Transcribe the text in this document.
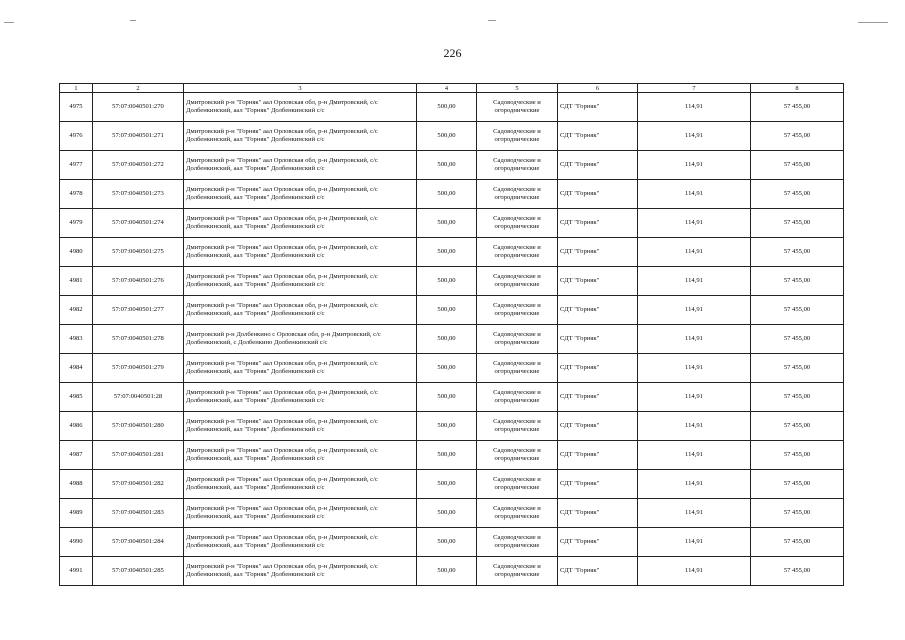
226
1	2	3	4	5	6	7	8
4975	57:07:0040501:270	Дмитровский р-н "Горняк" аал Орловская обл, р-н Дмитровский, с/с Долбенкинский, аал "Горняк" Долбенкинский с/с	500,00	Садоводческие и огороднические	СДТ "Горняк"	114,91	57 455,00
4976	57:07:0040501:271	Дмитровский р-н "Горняк" аал Орловская обл, р-н Дмитровский, с/с Долбенкинский, аал "Горняк" Долбенкинский с/с	500,00	Садоводческие и огороднические	СДТ "Горняк"	114,91	57 455,00
4977	57:07:0040501:272	Дмитровский р-н "Горняк" аал Орловская обл, р-н Дмитровский, с/с Долбенкинский, аал "Горняк" Долбенкинский с/с	500,00	Садоводческие и огороднические	СДТ "Горняк"	114,91	57 455,00
4978	57:07:0040501:273	Дмитровский р-н "Горняк" аал Орловская обл, р-н Дмитровский, с/с Долбенкинский, аал "Горняк" Долбенкинский с/с	500,00	Садоводческие и огороднические	СДТ "Горняк"	114,91	57 455,00
4979	57:07:0040501:274	Дмитровский р-н "Горняк" аал Орловская обл, р-н Дмитровский, с/с Долбенкинский, аал "Горняк" Долбенкинский с/с	500,00	Садоводческие и огороднические	СДТ "Горняк"	114,91	57 455,00
4980	57:07:0040501:275	Дмитровский р-н "Горняк" аал Орловская обл, р-н Дмитровский, с/с Долбенкинский, аал "Горняк" Долбенкинский с/с	500,00	Садоводческие и огороднические	СДТ "Горняк"	114,91	57 455,00
4981	57:07:0040501:276	Дмитровский р-н "Горняк" аал Орловская обл, р-н Дмитровский, с/с Долбенкинский, аал "Горняк" Долбенкинский с/с	500,00	Садоводческие и огороднические	СДТ "Горняк"	114,91	57 455,00
4982	57:07:0040501:277	Дмитровский р-н "Горняк" аал Орловская обл, р-н Дмитровский, с/с Долбенкинский, аал "Горняк" Долбенкинский с/с	500,00	Садоводческие и огороднические	СДТ "Горняк"	114,91	57 455,00
4983	57:07:0040501:278	Дмитровский р-н Долбенкино с Орловская обл, р-н Дмитровский, с/с Долбенкинский, с Долбенкино Долбенкинский с/с	500,00	Садоводческие и огороднические	СДТ "Горняк"	114,91	57 455,00
4984	57:07:0040501:279	Дмитровский р-н "Горняк" аал Орловская обл, р-н Дмитровский, с/с Долбенкинский, аал "Горняк" Долбенкинский с/с	500,00	Садоводческие и огороднические	СДТ "Горняк"	114,91	57 455,00
4985	57:07:0040501:28	Дмитровский р-н "Горняк" аал Орловская обл, р-н Дмитровский, с/с Долбенкинский, аал "Горняк" Долбенкинский с/с	500,00	Садоводческие и огороднические	СДТ "Горняк"	114,91	57 455,00
4986	57:07:0040501:280	Дмитровский р-н "Горняк" аал Орловская обл, р-н Дмитровский, с/с Долбенкинский, аал "Горняк" Долбенкинский с/с	500,00	Садоводческие и огороднические	СДТ "Горняк"	114,91	57 455,00
4987	57:07:0040501:281	Дмитровский р-н "Горняк" аал Орловская обл, р-н Дмитровский, с/с Долбенкинский, аал "Горняк" Долбенкинский с/с	500,00	Садоводческие и огороднические	СДТ "Горняк"	114,91	57 455,00
4988	57:07:0040501:282	Дмитровский р-н "Горняк" аал Орловская обл, р-н Дмитровский, с/с Долбенкинский, аал "Горняк" Долбенкинский с/с	500,00	Садоводческие и огороднические	СДТ "Горняк"	114,91	57 455,00
4989	57:07:0040501:283	Дмитровский р-н "Горняк" аал Орловская обл, р-н Дмитровский, с/с Долбенкинский, аал "Горняк" Долбенкинский с/с	500,00	Садоводческие и огороднические	СДТ "Горняк"	114,91	57 455,00
4990	57:07:0040501:284	Дмитровский р-н "Горняк" аал Орловская обл, р-н Дмитровский, с/с Долбенкинский, аал "Горняк" Долбенкинский с/с	500,00	Садоводческие и огороднические	СДТ "Горняк"	114,91	57 455,00
4991	57:07:0040501:285	Дмитровский р-н "Горняк" аал Орловская обл, р-н Дмитровский, с/с Долбенкинский, аал "Горняк" Долбенкинский с/с	500,00	Садоводческие и огороднические	СДТ "Горняк"	114,91	57 455,00
